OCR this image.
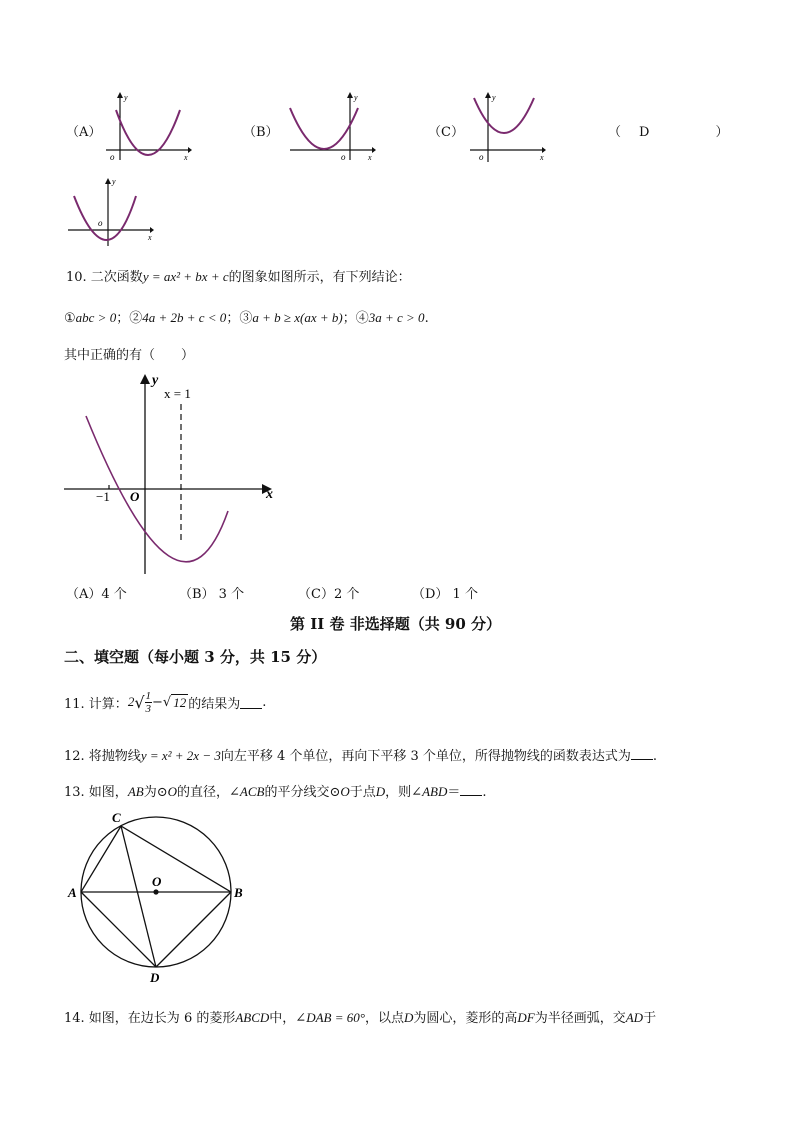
（A）
y
x
o
（B）
y
x
o
（C）
y
x
o
（ D	）
y
x
o
10. 二次函数y = ax² + bx + c的图象如图所示，有下列结论：
①abc > 0；②4a + 2b + c < 0；③a + b ≥ x(ax + b)；④3a + c > 0.
其中正确的有（　　）
y
x = 1
x
O
−1
（A）4 个	（B） 3 个	（C）2 个	（D） 1 个
第 II 卷 非选择题（共 90 分）
二、填空题（每小题 3 分，共 15 分）
11. 计算： 2 √ $\frac{1}{3}$ − √ 12 的结果为 .
12. 将抛物线y = x² + 2x − 3向左平移 4 个单位，再向下平移 3 个单位，所得抛物线的函数表达式为 .
13. 如图，AB为⊙O的直径，∠ACB的平分线交⊙O于点D，则∠ABD＝ .
C
A
O
B
D
14. 如图，在边长为 6 的菱形ABCD中，∠DAB = 60°，以点D为圆心，菱形的高DF为半径画弧，交AD于
